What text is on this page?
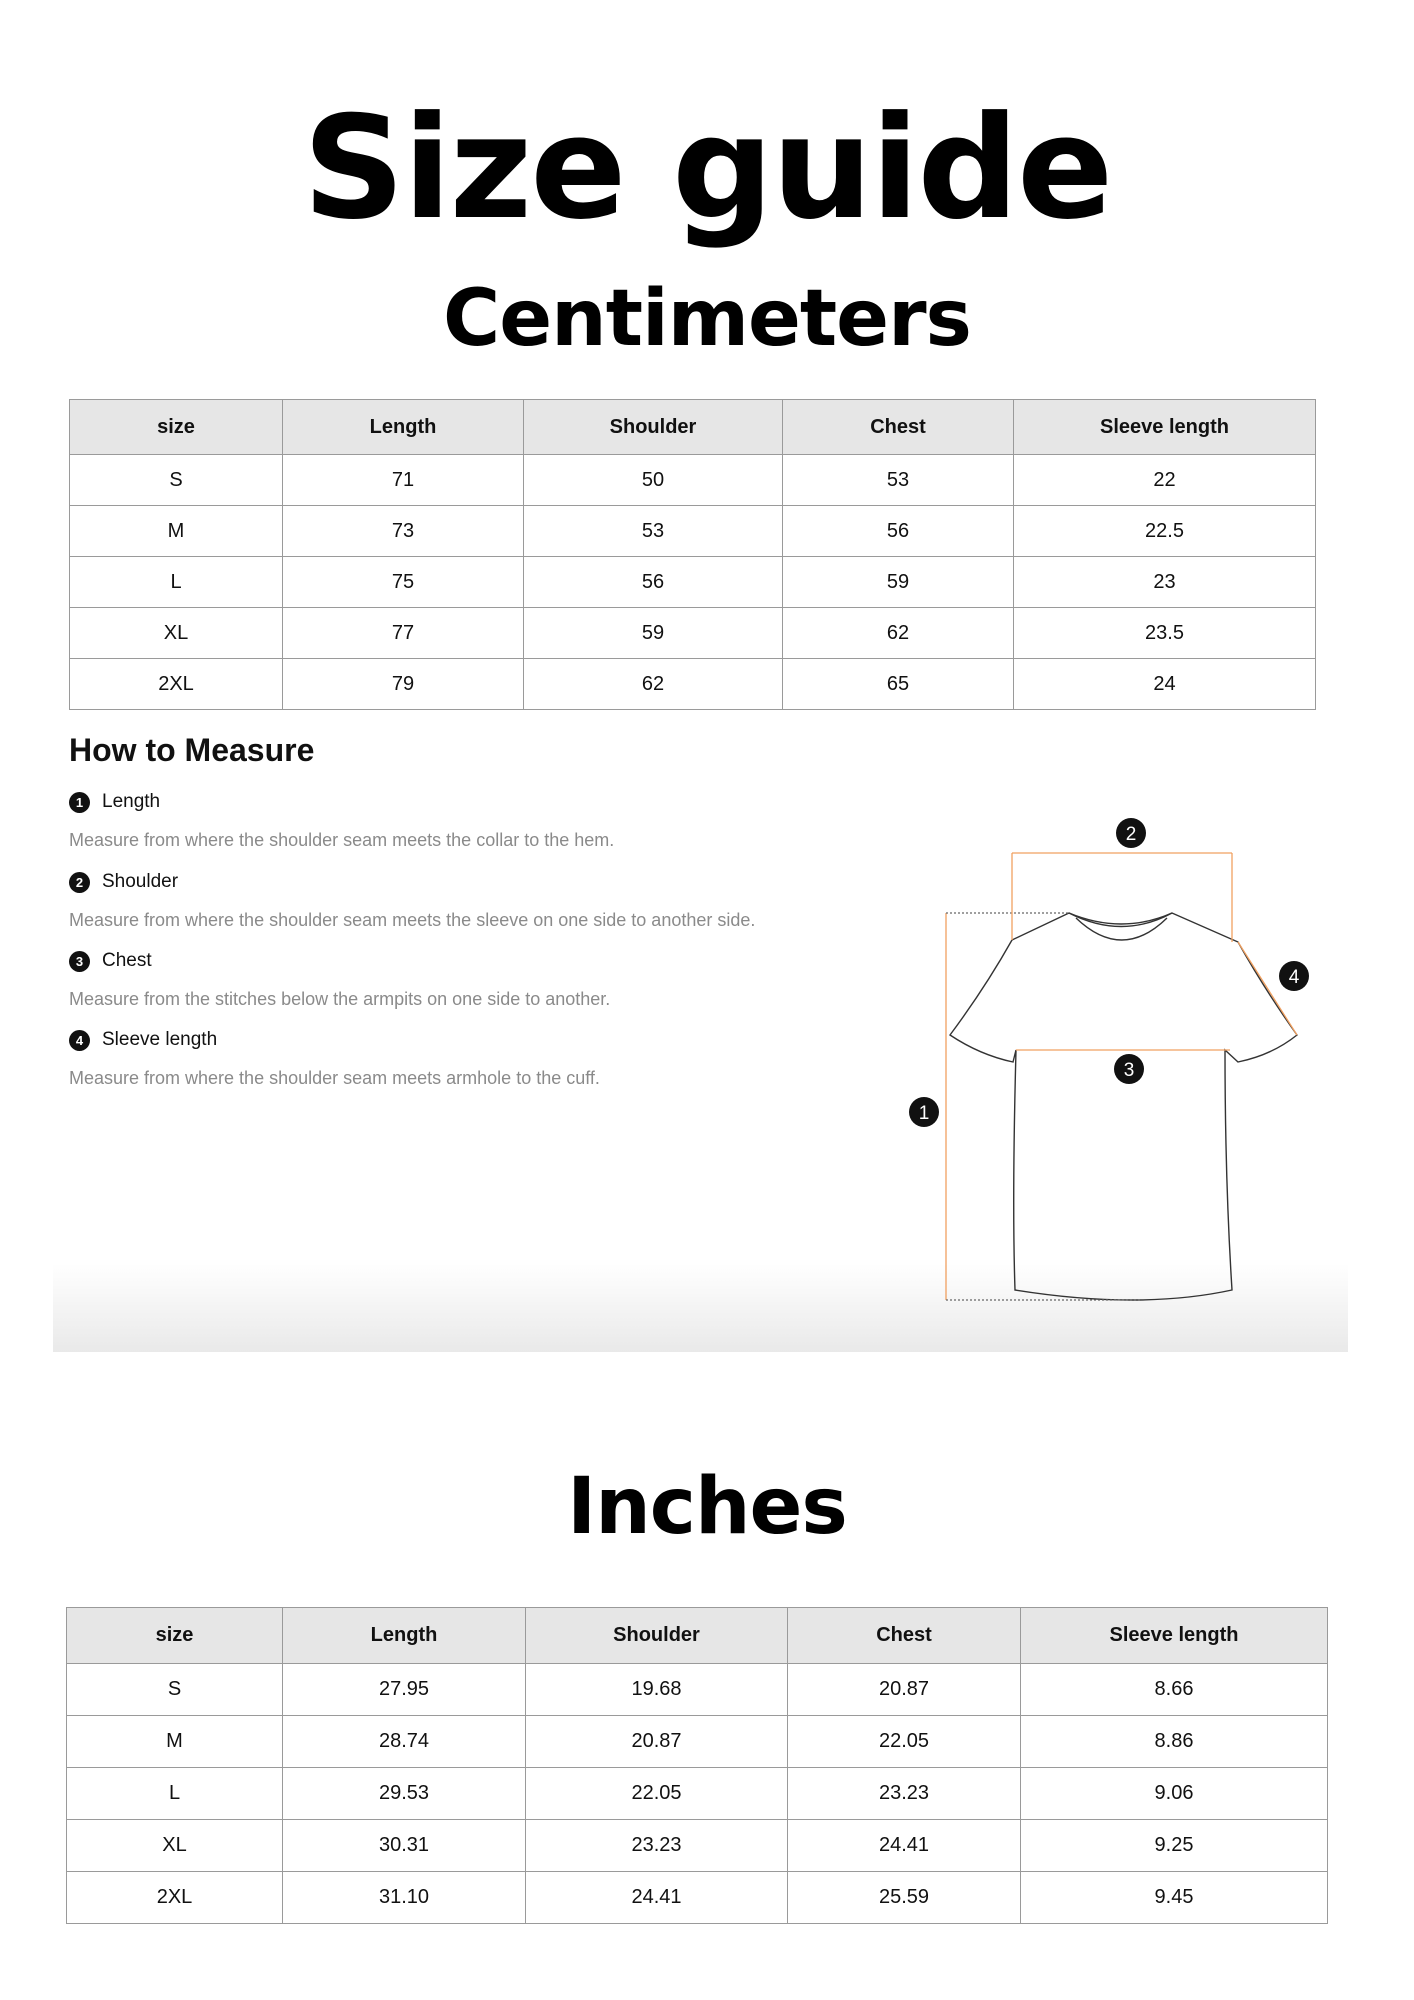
Size guide
Centimeters
size	Length	Shoulder	Chest	Sleeve length
S	71	50	53	22
M	73	53	56	22.5
L	75	56	59	23
XL	77	59	62	23.5
2XL	79	62	65	24
How to Measure
1 Length
Measure from where the shoulder seam meets the collar to the hem.
2 Shoulder
Measure from where the shoulder seam meets the sleeve on one side to another side.
3 Chest
Measure from the stitches below the armpits on one side to another.
4 Sleeve length
Measure from where the shoulder seam meets armhole to the cuff.
1
2
3
4
Inches
size	Length	Shoulder	Chest	Sleeve length
S	27.95	19.68	20.87	8.66
M	28.74	20.87	22.05	8.86
L	29.53	22.05	23.23	9.06
XL	30.31	23.23	24.41	9.25
2XL	31.10	24.41	25.59	9.45
